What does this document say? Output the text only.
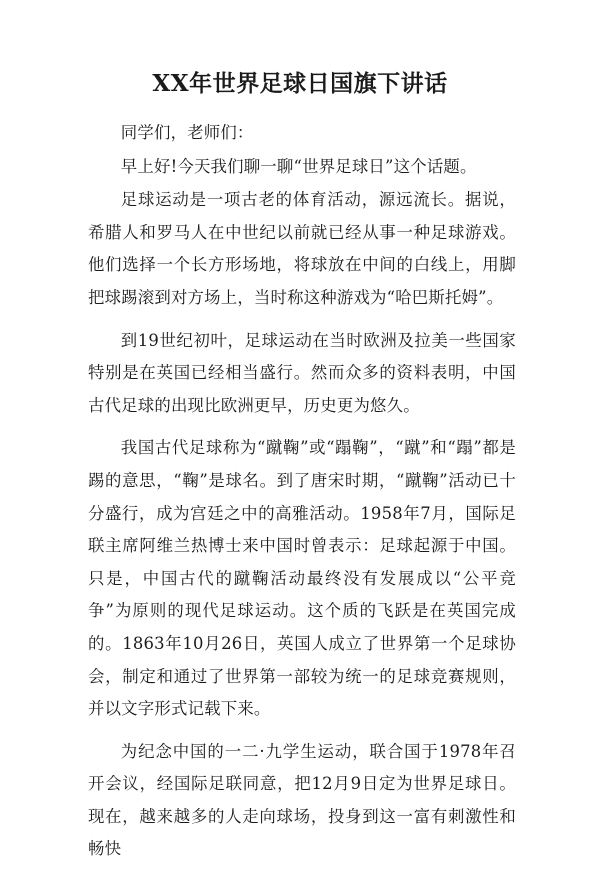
XX年世界足球日国旗下讲话

同学们，老师们：

早上好!今天我们聊一聊“世界足球日”这个话题。

足球运动是一项古老的体育活动，源远流长。据说，希腊人和罗马人在中世纪以前就已经从事一种足球游戏。他们选择一个长方形场地，将球放在中间的白线上，用脚把球踢滚到对方场上，当时称这种游戏为“哈巴斯托姆”。

到19世纪初叶，足球运动在当时欧洲及拉美一些国家特别是在英国已经相当盛行。然而众多的资料表明，中国古代足球的出现比欧洲更早，历史更为悠久。

我国古代足球称为“蹴鞠”或“蹋鞠”，“蹴”和“蹋”都是踢的意思，“鞠”是球名。到了唐宋时期，“蹴鞠”活动已十分盛行，成为宫廷之中的高雅活动。1958年7月，国际足联主席阿维兰热博士来中国时曾表示：足球起源于中国。只是，中国古代的蹴鞠活动最终没有发展成以“公平竞争”为原则的现代足球运动。这个质的飞跃是在英国完成的。1863年10月26日，英国人成立了世界第一个足球协会，制定和通过了世界第一部较为统一的足球竞赛规则，并以文字形式记载下来。

为纪念中国的一二·九学生运动，联合国于1978年召开会议，经国际足联同意，把12月9日定为世界足球日。现在，越来越多的人走向球场，投身到这一富有刺激性和畅快
